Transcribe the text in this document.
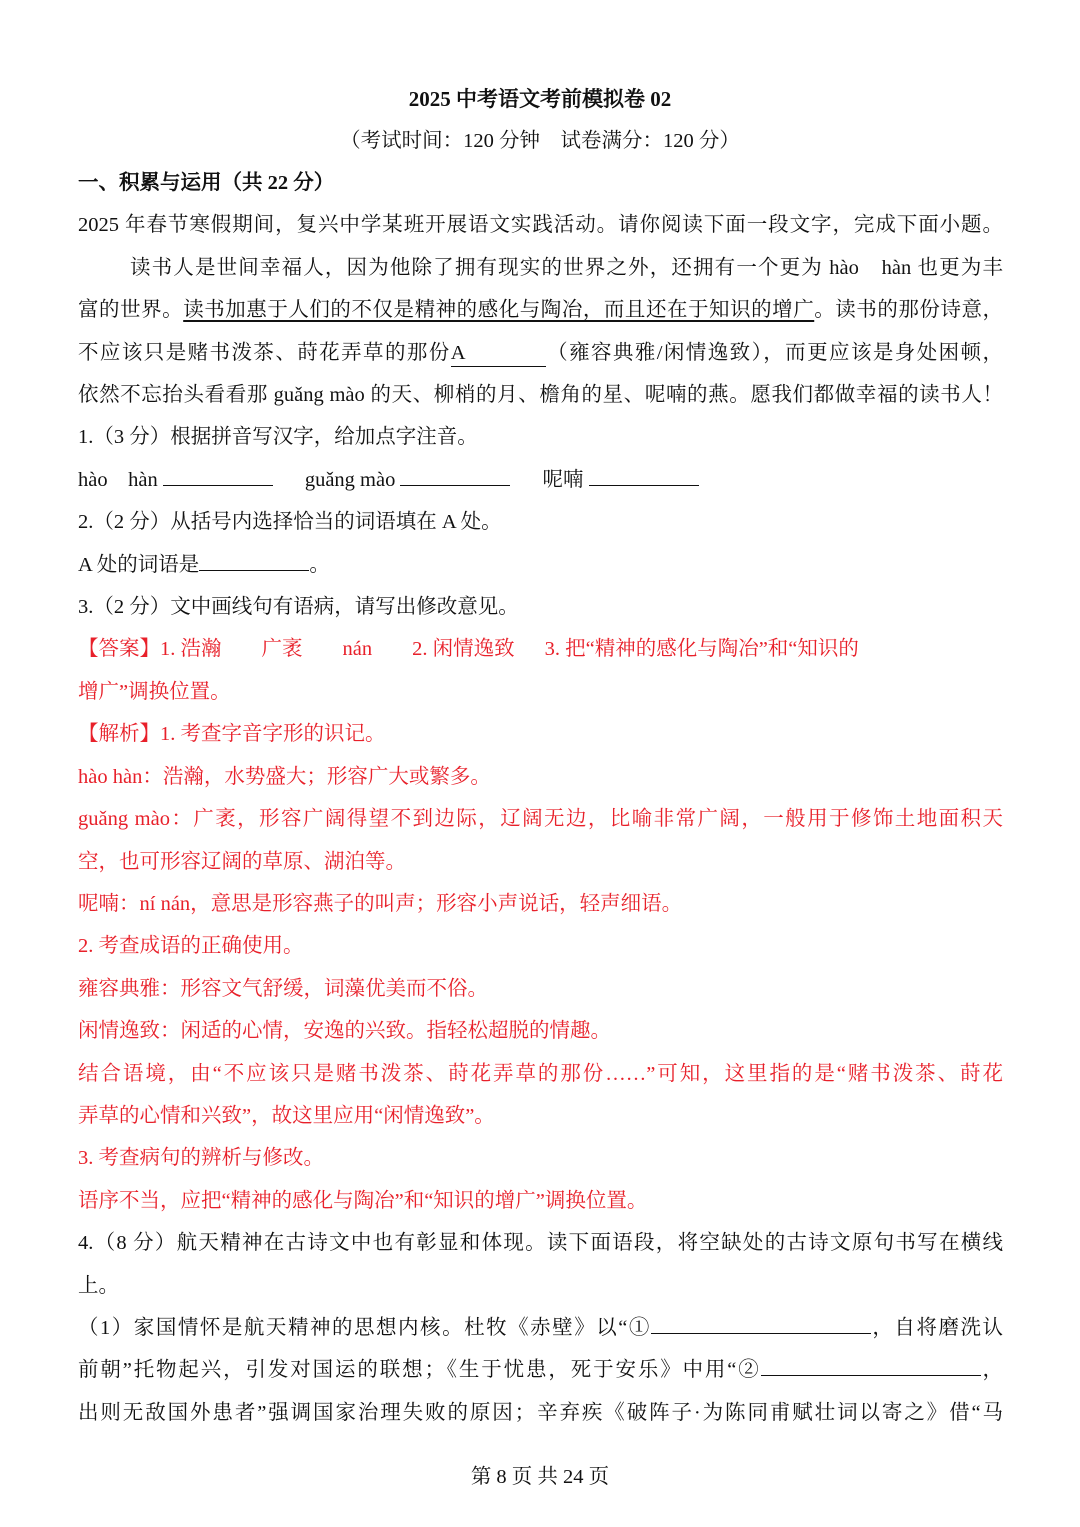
2025 中考语文考前模拟卷 02
（考试时间：120 分钟　试卷满分：120 分）
一、积累与运用（共 22 分）
2025 年春节寒假期间，复兴中学某班开展语文实践活动。请你阅读下面一段文字，完成下面小题。
读书人是世间幸福人，因为他除了拥有现实的世界之外，还拥有一个更为 hào　hàn 也更为丰
富的世界。读书加惠于人们的不仅是精神的感化与陶冶，而且还在于知识的增广。读书的那份诗意，
不应该只是赌书泼茶、莳花弄草的那份A	（雍容典雅/闲情逸致），而更应该是身处困顿，
依然不忘抬头看看那 guǎng mào 的天、柳梢的月、檐角的星、呢喃的燕。愿我们都做幸福的读书人！
1.（3 分）根据拼音写汉字，给加点字注音。
hào　hàn	guǎng mào	呢喃
2.（2 分）从括号内选择恰当的词语填在 A 处。
A 处的词语是	。
3.（2 分）文中画线句有语病，请写出修改意见。
【答案】1. 浩瀚 广袤 nán 2. 闲情逸致 3. 把“精神的感化与陶冶”和“知识的
增广”调换位置。
【解析】1. 考查字音字形的识记。
hào hàn：浩瀚，水势盛大；形容广大或繁多。
guǎng mào：广袤，形容广阔得望不到边际，辽阔无边，比喻非常广阔，一般用于修饰土地面积天
空，也可形容辽阔的草原、湖泊等。
呢喃：ní nán，意思是形容燕子的叫声；形容小声说话，轻声细语。
2. 考查成语的正确使用。
雍容典雅：形容文气舒缓，词藻优美而不俗。
闲情逸致：闲适的心情，安逸的兴致。指轻松超脱的情趣。
结合语境，由“不应该只是赌书泼茶、莳花弄草的那份……”可知，这里指的是“赌书泼茶、莳花
弄草的心情和兴致”，故这里应用“闲情逸致”。
3. 考查病句的辨析与修改。
语序不当，应把“精神的感化与陶冶”和“知识的增广”调换位置。
4.（8 分）航天精神在古诗文中也有彰显和体现。读下面语段，将空缺处的古诗文原句书写在横线
上。
（1）家国情怀是航天精神的思想内核。杜牧《赤壁》以“①	，自将磨洗认
前朝”托物起兴，引发对国运的联想；《生于忧患，死于安乐》中用“②	，
出则无敌国外患者”强调国家治理失败的原因；辛弃疾《破阵子·为陈同甫赋壮词以寄之》借“马
第 8 页 共 24 页
